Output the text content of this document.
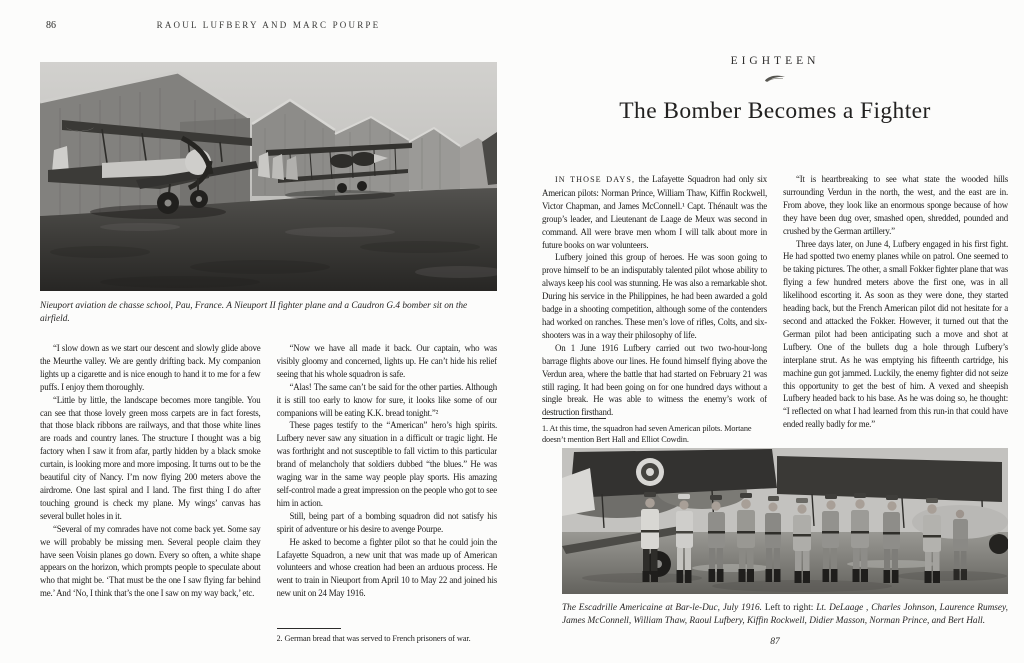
86	RAOUL LUFBERY AND MARC POURPE
Nieuport aviation de chasse school, Pau, France. A Nieuport II fighter plane and a Caudron G.4 bomber sit on the airfield.

“I slow down as we start our descent and slowly glide above the Meurthe valley. We are gently drifting back. My companion lights up a cigarette and is nice enough to hand it to me for a few puffs. I enjoy them thoroughly.

“Little by little, the landscape becomes more tangible. You can see that those lovely green moss carpets are in fact forests, that those black ribbons are railways, and that those white lines are roads and country lanes. The structure I thought was a big factory when I saw it from afar, partly hidden by a black smoke curtain, is looking more and more imposing. It turns out to be the beautiful city of Nancy. I’m now flying 200 meters above the airdrome. One last spiral and I land. The first thing I do after touching ground is check my plane. My wings’ canvas has several bullet holes in it.

“Several of my comrades have not come back yet. Some say we will probably be missing men. Several people claim they have seen Voisin planes go down. Every so often, a white shape appears on the horizon, which prompts people to speculate about who that might be. ‘That must be the one I saw flying far behind me.’ And ‘No, I think that’s the one I saw on my way back,’ etc.

“Now we have all made it back. Our captain, who was visibly gloomy and concerned, lights up. He can’t hide his relief seeing that his whole squadron is safe.

“Alas! The same can’t be said for the other parties. Although it is still too early to know for sure, it looks like some of our companions will be eating K.K. bread tonight.”²

These pages testify to the “American” hero’s high spirits. Lufbery never saw any situation in a difficult or tragic light. He was forthright and not susceptible to fall victim to this particular brand of melancholy that soldiers dubbed “the blues.” He was waging war in the same way people play sports. His amazing self-control made a great impression on the people who got to see him in action.

Still, being part of a bombing squadron did not satisfy his spirit of adventure or his desire to avenge Pourpe.

He asked to become a fighter pilot so that he could join the Lafayette Squadron, a new unit that was made up of American volunteers and whose creation had been an arduous process. He went to train in Nieuport from April 10 to May 22 and joined his new unit on 24 May 1916.

2. German bread that was served to French prisoners of war.
EIGHTEEN
The Bomber Becomes a Fighter

IN THOSE DAYS, the Lafayette Squadron had only six American pilots: Norman Prince, William Thaw, Kiffin Rockwell, Victor Chapman, and James McConnell.¹ Capt. Thénault was the group’s leader, and Lieutenant de Laage de Meux was second in command. All were brave men whom I will talk about more in future books on war volunteers.

Lufbery joined this group of heroes. He was soon going to prove himself to be an indisputably talented pilot whose ability to always keep his cool was stunning. He was also a remarkable shot. During his service in the Philippines, he had been awarded a gold badge in a shooting competition, although some of the contenders had worked on ranches. These men’s love of rifles, Colts, and six-shooters was in a way their philosophy of life.

On 1 June 1916 Lufbery carried out two two-hour-long barrage flights above our lines. He found himself flying above the Verdun area, where the battle that had started on February 21 was still raging. It had been going on for one hundred days without a single break. He was able to witness the enemy’s work of destruction firsthand.

1. At this time, the squadron had seven American pilots. Mortane doesn’t mention Bert Hall and Elliot Cowdin.

“It is heartbreaking to see what state the wooded hills surrounding Verdun in the north, the west, and the east are in. From above, they look like an enormous sponge because of how they have been dug over, smashed open, shredded, pounded and crushed by the German artillery.”

Three days later, on June 4, Lufbery engaged in his first fight. He had spotted two enemy planes while on patrol. One seemed to be taking pictures. The other, a small Fokker fighter plane that was flying a few hundred meters above the first one, was in all likelihood escorting it. As soon as they were done, they started heading back, but the French American pilot did not hesitate for a second and attacked the Fokker. However, it turned out that the German pilot had been anticipating such a move and shot at Lufbery. One of the bullets dug a hole through Lufbery’s interplane strut. As he was emptying his fifteenth cartridge, his machine gun got jammed. Luckily, the enemy fighter did not seize this opportunity to get the best of him. A vexed and sheepish Lufbery headed back to his base. As he was doing so, he thought: “I reflected on what I had learned from this run-in that could have ended really badly for me.”

The Escadrille Americaine at Bar-le-Duc, July 1916. Left to right: Lt. DeLaage , Charles Johnson, Laurence Rumsey, James McConnell, William Thaw, Raoul Lufbery, Kiffin Rockwell, Didier Masson, Norman Prince, and Bert Hall.
87
